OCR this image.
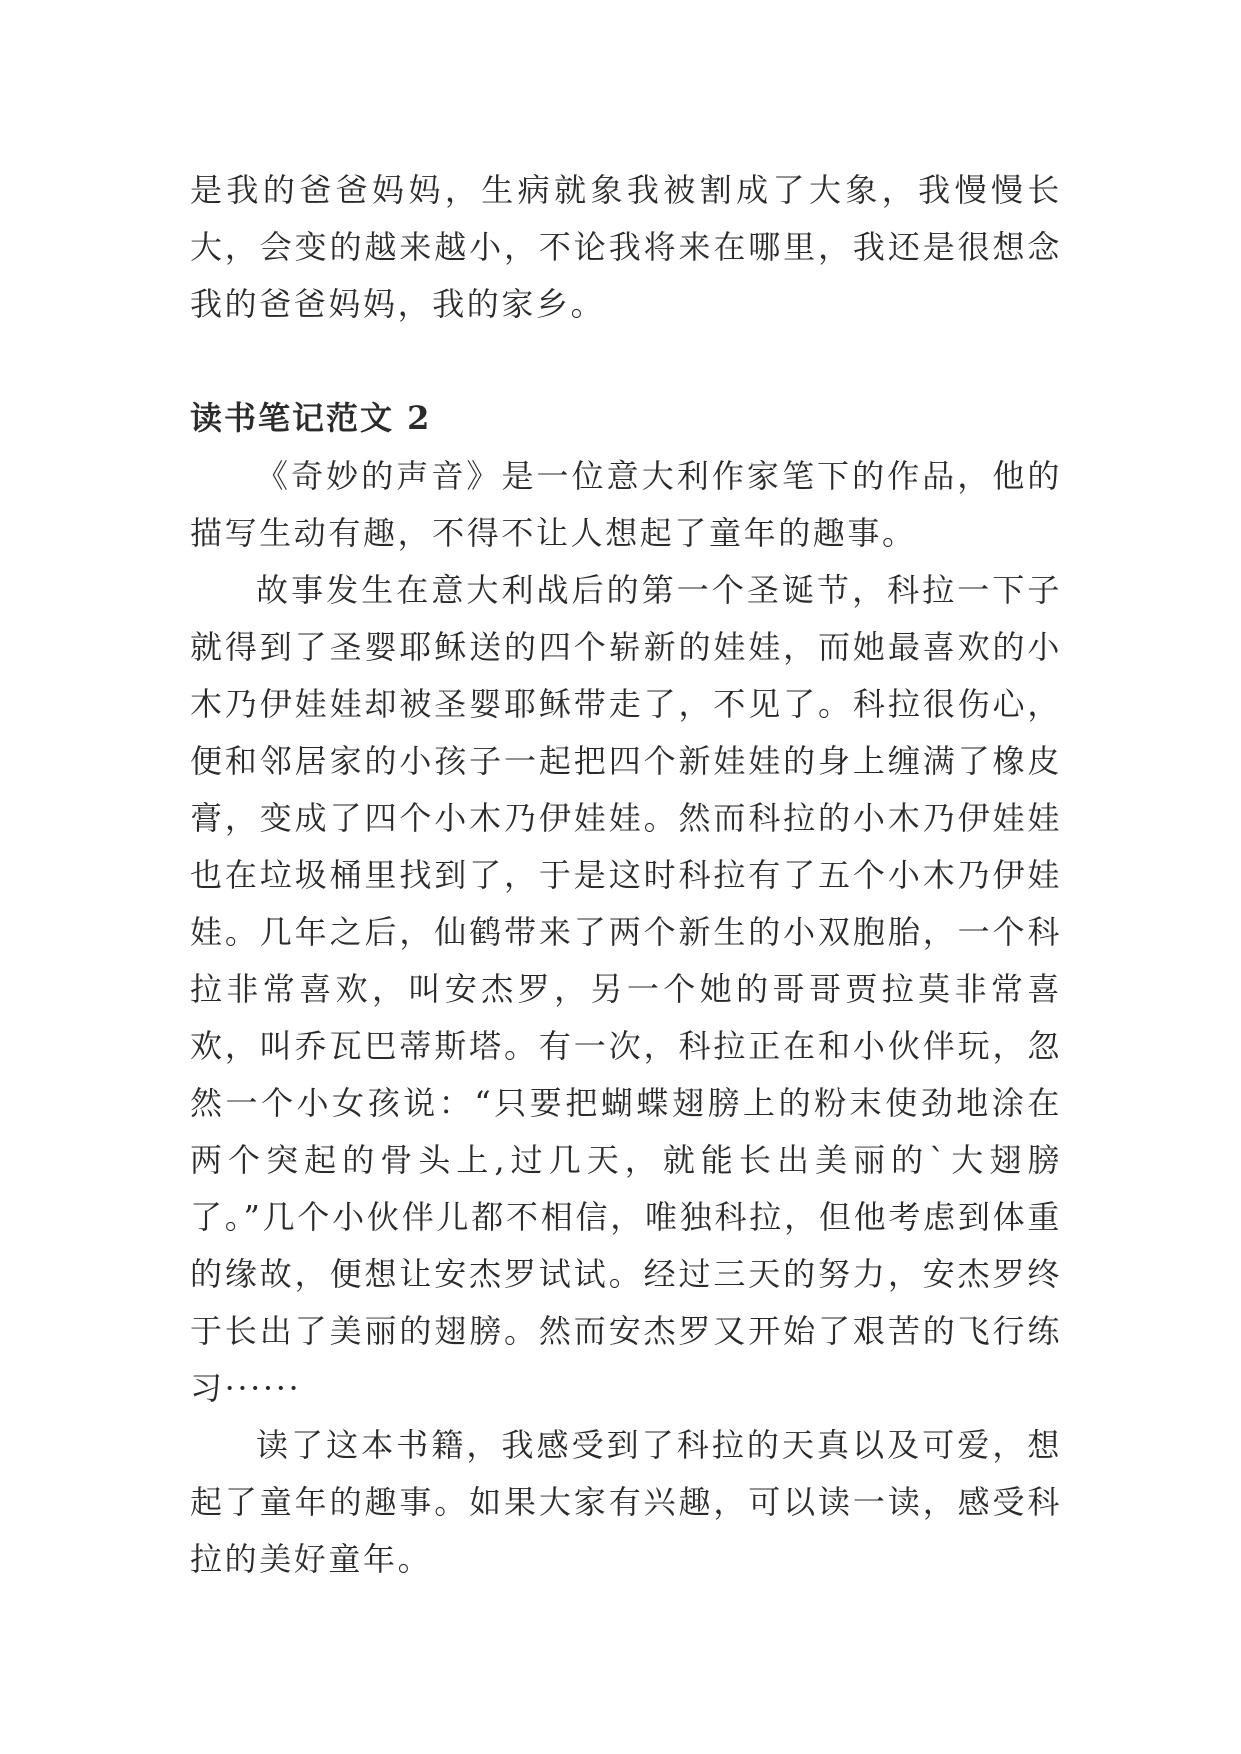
是我的爸爸妈妈，生病就象我被割成了大象，我慢慢长大，会变的越来越小，不论我将来在哪里，我还是很想念我的爸爸妈妈，我的家乡。

读书笔记范文 2

《奇妙的声音》是一位意大利作家笔下的作品，他的描写生动有趣，不得不让人想起了童年的趣事。

故事发生在意大利战后的第一个圣诞节，科拉一下子就得到了圣婴耶稣送的四个崭新的娃娃，而她最喜欢的小木乃伊娃娃却被圣婴耶稣带走了，不见了。科拉很伤心，便和邻居家的小孩子一起把四个新娃娃的身上缠满了橡皮膏，变成了四个小木乃伊娃娃。然而科拉的小木乃伊娃娃也在垃圾桶里找到了，于是这时科拉有了五个小木乃伊娃娃。几年之后，仙鹤带来了两个新生的小双胞胎，一个科拉非常喜欢，叫安杰罗，另一个她的哥哥贾拉莫非常喜欢，叫乔瓦巴蒂斯塔。有一次，科拉正在和小伙伴玩，忽然一个小女孩说：“只要把蝴蝶翅膀上的粉末使劲地涂在两个突起的骨头上,过几天，就能长出美丽的`大翅膀了。”几个小伙伴儿都不相信，唯独科拉，但他考虑到体重的缘故，便想让安杰罗试试。经过三天的努力，安杰罗终于长出了美丽的翅膀。然而安杰罗又开始了艰苦的飞行练习······

读了这本书籍，我感受到了科拉的天真以及可爱，想起了童年的趣事。如果大家有兴趣，可以读一读，感受科拉的美好童年。
